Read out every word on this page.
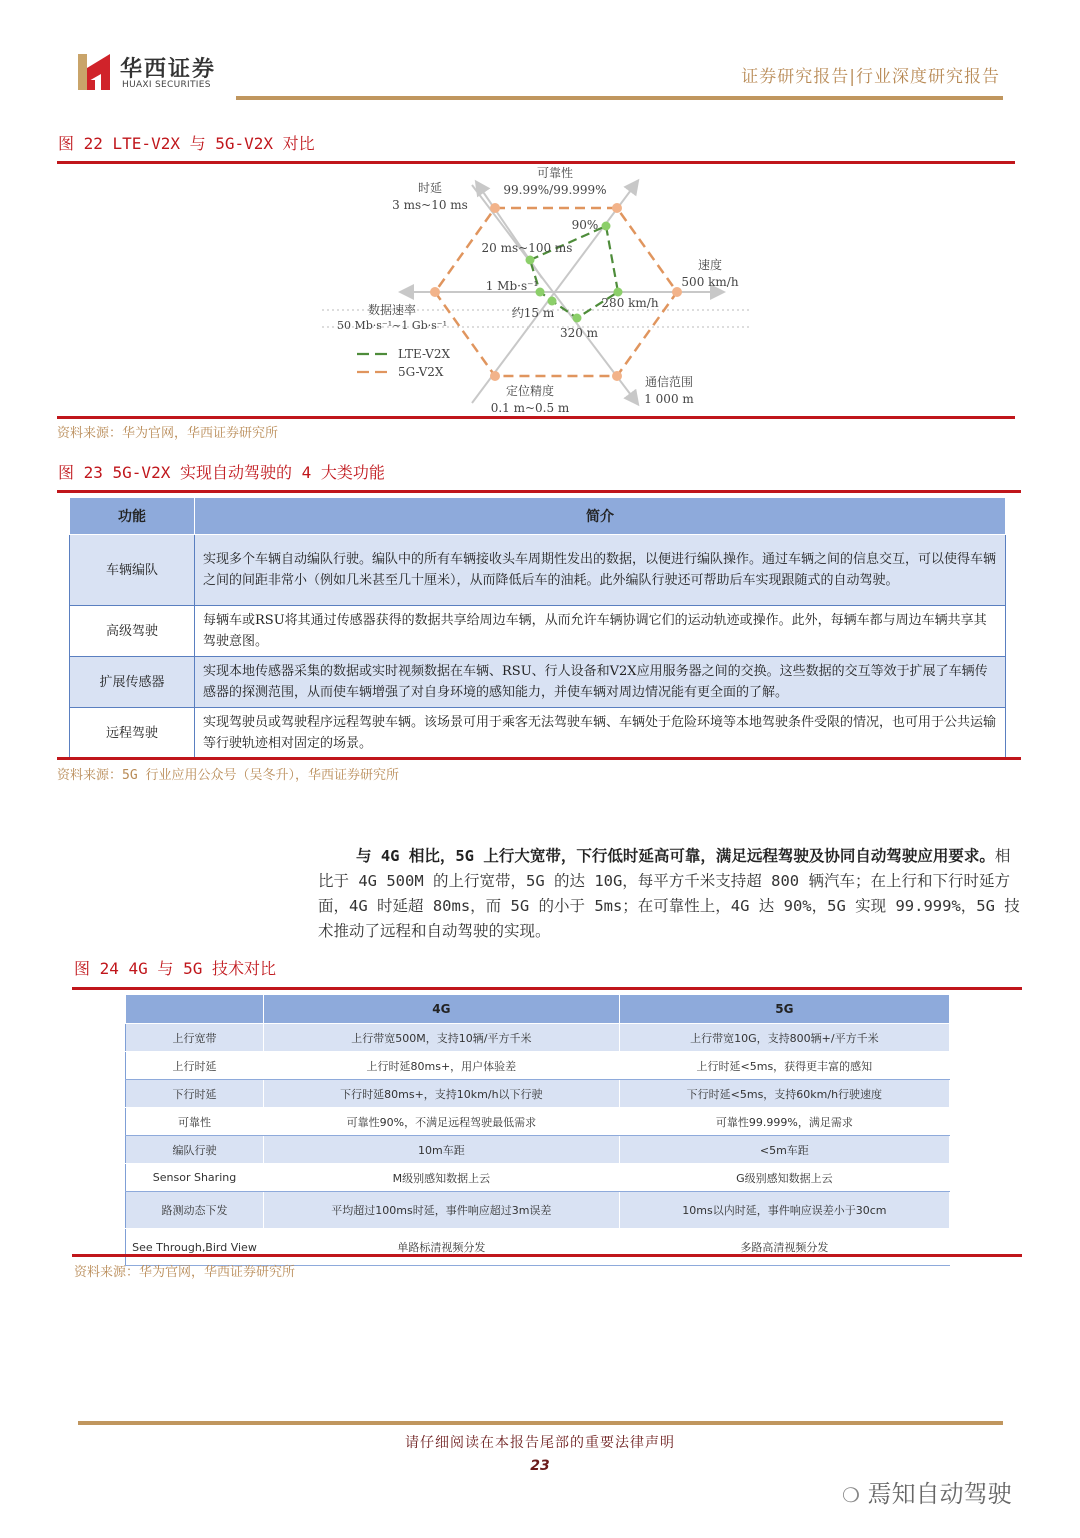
华西证券
HUAXI SECURITIES	证券研究报告|行业深度研究报告
图 22 LTE-V2X 与 5G-V2X 对比
时延
3 ms~10 ms
可靠性
99.99%/99.999%
速度
500 km/h
通信范围
1 000 m
定位精度
0.1 m~0.5 m
数据速率
50 Mb·s⁻¹~1 Gb·s⁻¹
20 ms~100 ms
90%
280 km/h
320 m
约15 m
1 Mb·s⁻¹
LTE-V2X
5G-V2X
资料来源：华为官网，华西证券研究所
图 23 5G-V2X 实现自动驾驶的 4 大类功能
功能	简介
车辆编队	实现多个车辆自动编队行驶。编队中的所有车辆接收头车周期性发出的数据，以便进行编队操作。通过车辆之间的信息交互，可以使得车辆之间的间距非常小（例如几米甚至几十厘米），从而降低后车的油耗。此外编队行驶还可帮助后车实现跟随式的自动驾驶。
高级驾驶	每辆车或RSU将其通过传感器获得的数据共享给周边车辆，从而允许车辆协调它们的运动轨迹或操作。此外，每辆车都与周边车辆共享其驾驶意图。
扩展传感器	实现本地传感器采集的数据或实时视频数据在车辆、RSU、行人设备和V2X应用服务器之间的交换。这些数据的交互等效于扩展了车辆传感器的探测范围，从而使车辆增强了对自身环境的感知能力，并使车辆对周边情况能有更全面的了解。
远程驾驶	实现驾驶员或驾驶程序远程驾驶车辆。该场景可用于乘客无法驾驶车辆、车辆处于危险环境等本地驾驶条件受限的情况，也可用于公共运输等行驶轨迹相对固定的场景。
资料来源：5G 行业应用公众号（吴冬升），华西证券研究所
与 4G 相比，5G 上行大宽带，下行低时延高可靠，满足远程驾驶及协同自动驾驶应用要求。相比于 4G 500M 的上行宽带，5G 的达 10G，每平方千米支持超 800 辆汽车；在上行和下行时延方面，4G 时延超 80ms，而 5G 的小于 5ms；在可靠性上，4G 达 90%，5G 实现 99.999%，5G 技术推动了远程和自动驾驶的实现。
图 24 4G 与 5G 技术对比
	4G	5G
上行宽带	上行带宽500M，支持10辆/平方千米	上行带宽10G，支持800辆+/平方千米
上行时延	上行时延80ms+，用户体验差	上行时延<5ms，获得更丰富的感知
下行时延	下行时延80ms+，支持10km/h以下行驶	下行时延<5ms，支持60km/h行驶速度
可靠性	可靠性90%，不满足远程驾驶最低需求	可靠性99.999%，满足需求
编队行驶	10m车距	<5m车距
Sensor Sharing	M级别感知数据上云	G级别感知数据上云
路测动态下发	平均超过100ms时延，事件响应超过3m误差	10ms以内时延，事件响应误差小于30cm
See Through,Bird View	单路标清视频分发	多路高清视频分发
资料来源：华为官网，华西证券研究所
请仔细阅读在本报告尾部的重要法律声明
23
❍ 焉知自动驾驶
